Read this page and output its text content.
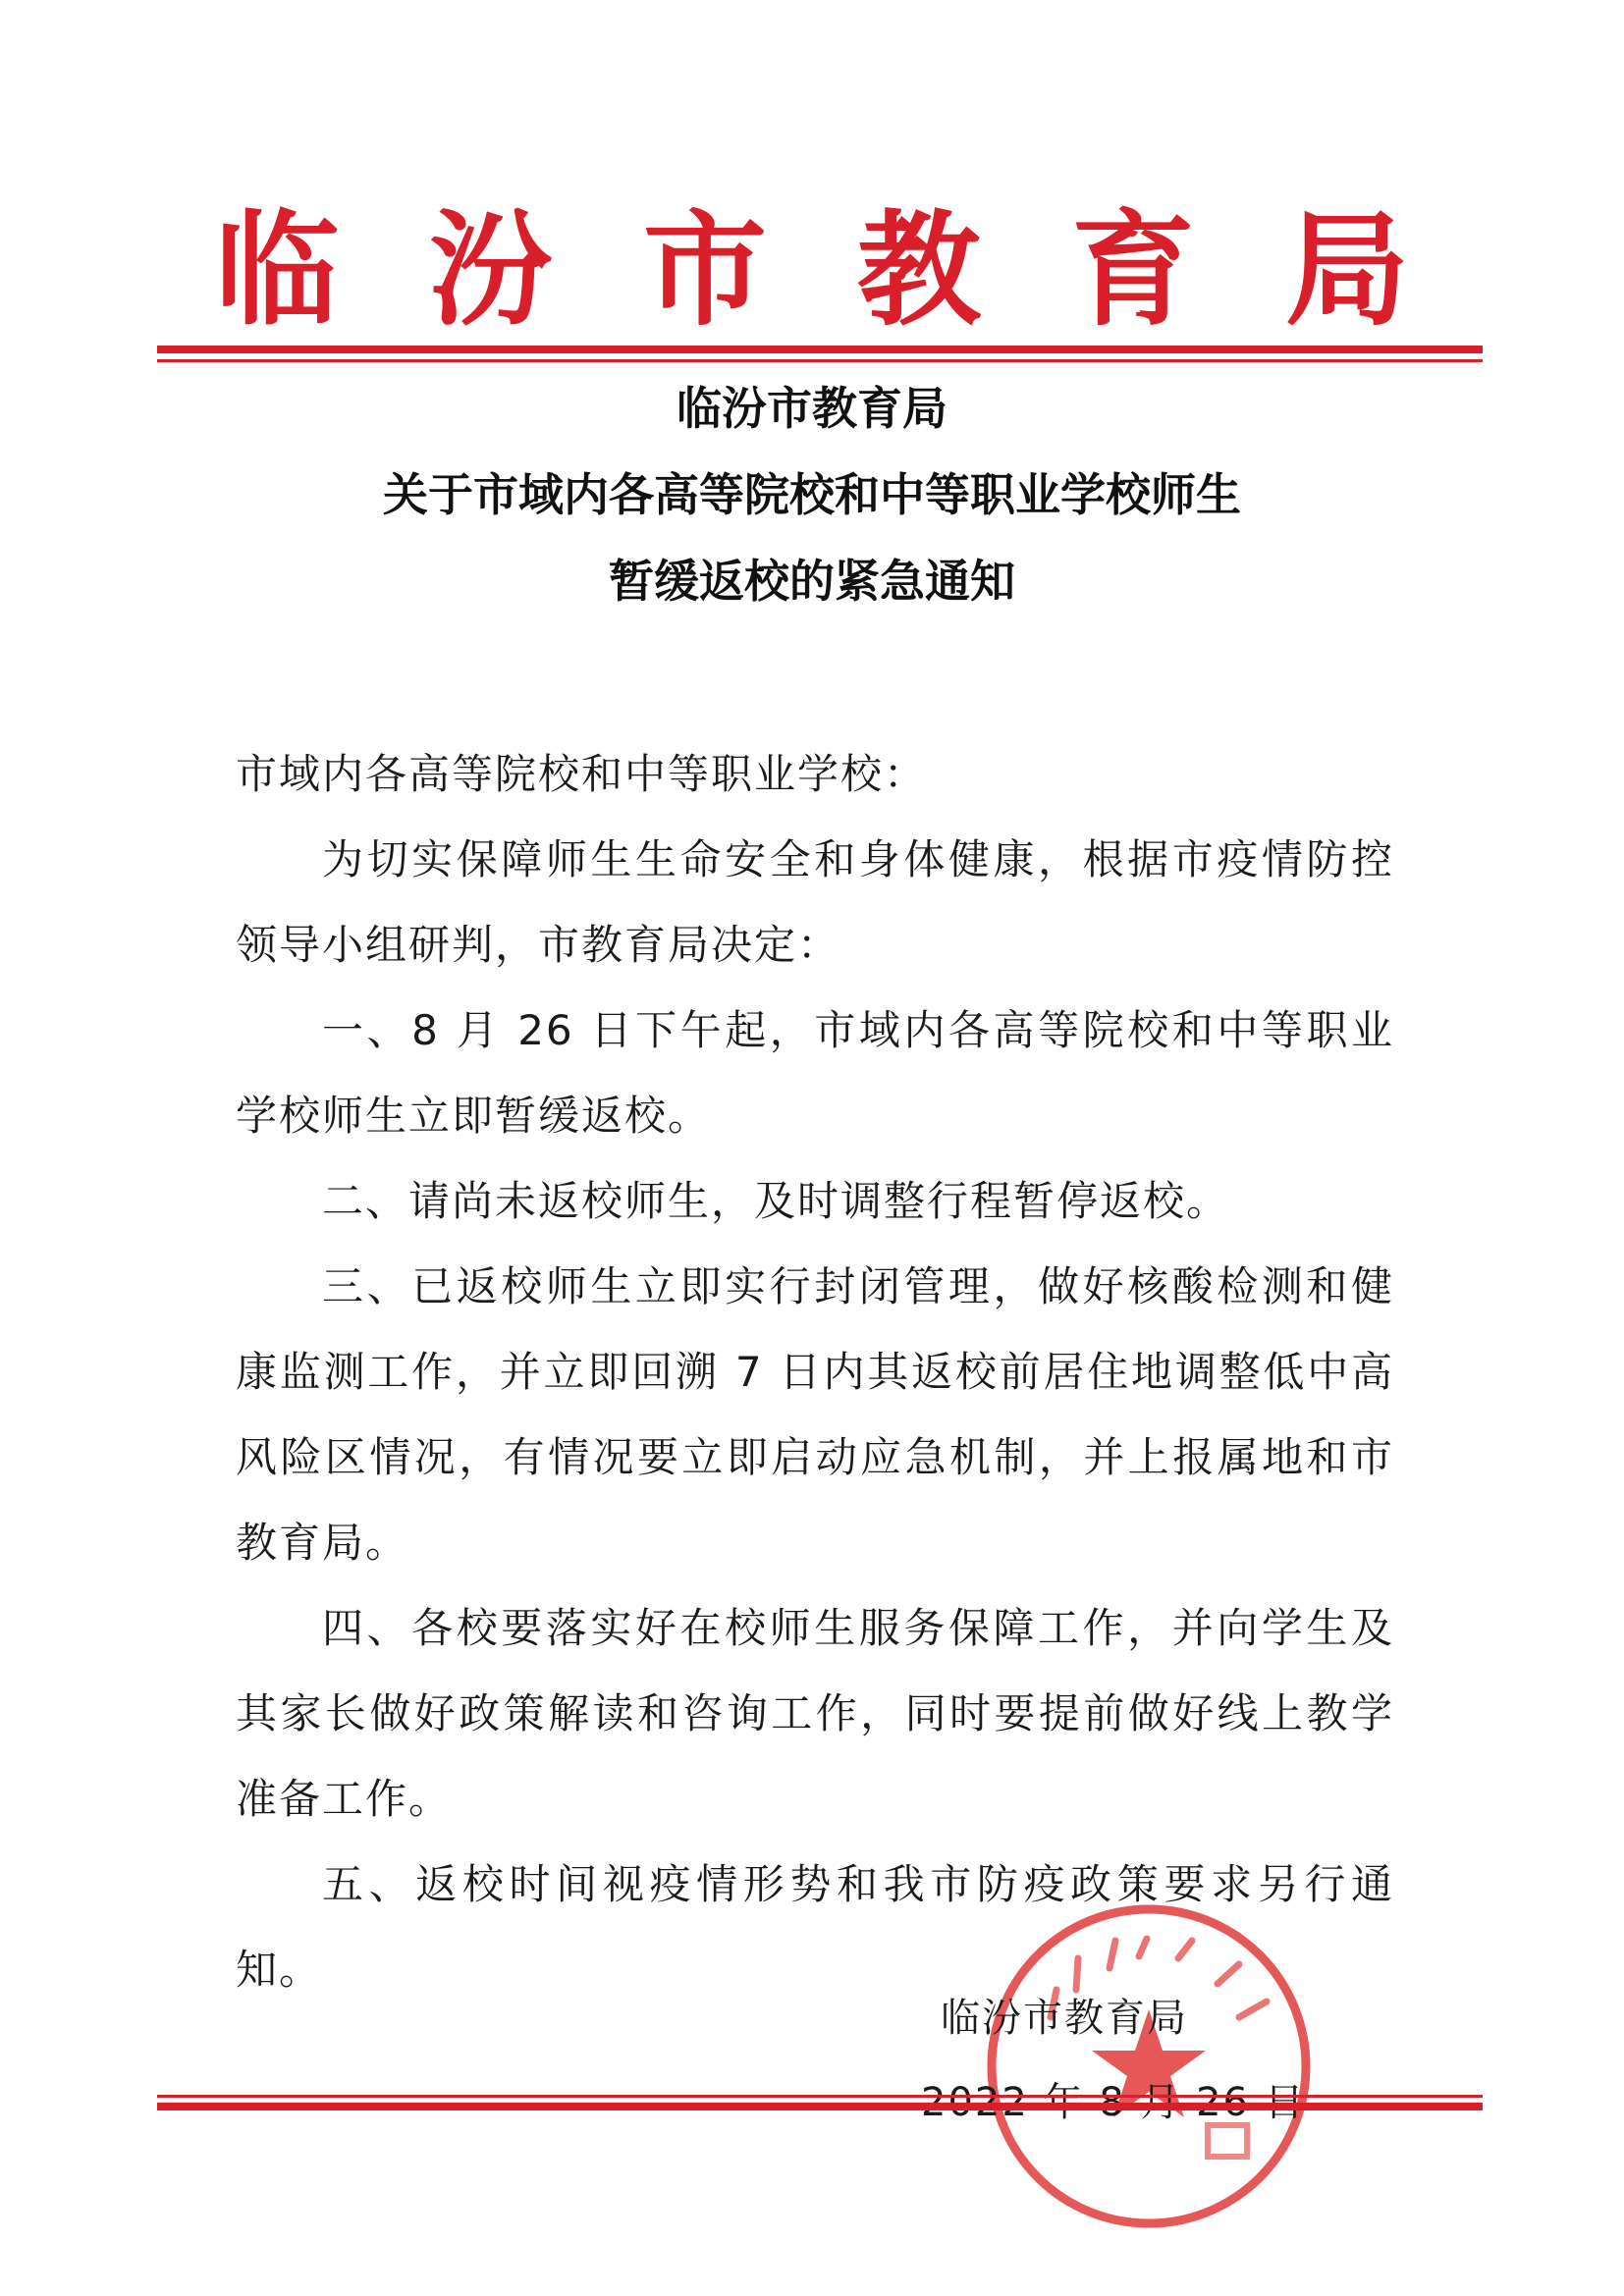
临汾市教育局
临汾市教育局
关于市域内各高等院校和中等职业学校师生
暂缓返校的紧急通知

市域内各高等院校和中等职业学校：

为切实保障师生生命安全和身体健康，根据市疫情防控领导小组研判，市教育局决定：

一、8 月 26 日下午起，市域内各高等院校和中等职业学校师生立即暂缓返校。

二、请尚未返校师生，及时调整行程暂停返校。

三、已返校师生立即实行封闭管理，做好核酸检测和健康监测工作，并立即回溯 7 日内其返校前居住地调整低中高风险区情况，有情况要立即启动应急机制，并上报属地和市教育局。

四、各校要落实好在校师生服务保障工作，并向学生及其家长做好政策解读和咨询工作，同时要提前做好线上教学准备工作。

五、返校时间视疫情形势和我市防疫政策要求另行通知。

临汾市教育局
